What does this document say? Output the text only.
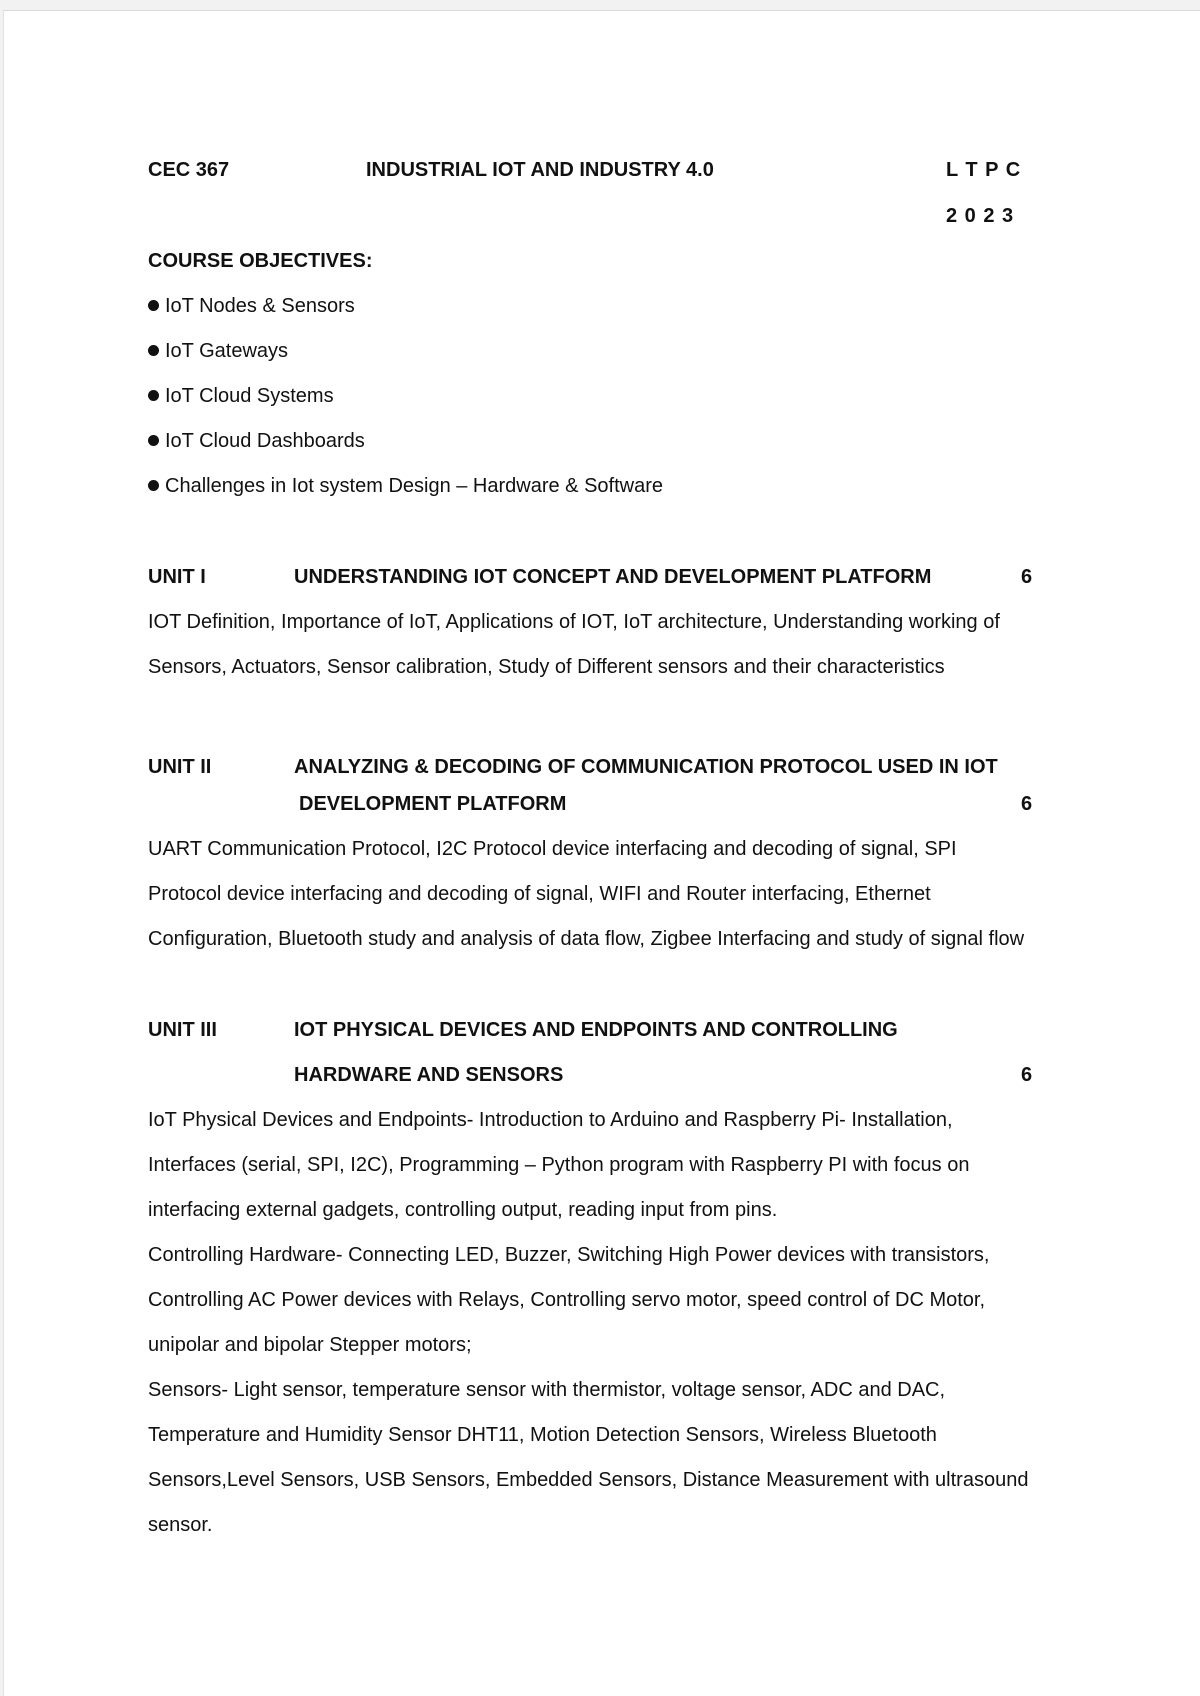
CEC 367	INDUSTRIAL IOT AND INDUSTRY 4.0	L T P C
2 0 2 3
COURSE OBJECTIVES:
IoT Nodes & Sensors
IoT Gateways
IoT Cloud Systems
IoT Cloud Dashboards
Challenges in Iot system Design – Hardware & Software
UNIT I	UNDERSTANDING IOT CONCEPT AND DEVELOPMENT PLATFORM	6
IOT Definition, Importance of IoT, Applications of IOT, IoT architecture, Understanding working of
Sensors, Actuators, Sensor calibration, Study of Different sensors and their characteristics
UNIT II	ANALYZING & DECODING OF COMMUNICATION PROTOCOL USED IN IOT
DEVELOPMENT PLATFORM	6
UART Communication Protocol, I2C Protocol device interfacing and decoding of signal, SPI
Protocol device interfacing and decoding of signal, WIFI and Router interfacing, Ethernet
Configuration, Bluetooth study and analysis of data flow, Zigbee Interfacing and study of signal flow
UNIT III	IOT PHYSICAL DEVICES AND ENDPOINTS AND CONTROLLING
HARDWARE AND SENSORS	6
IoT Physical Devices and Endpoints- Introduction to Arduino and Raspberry Pi- Installation,
Interfaces (serial, SPI, I2C), Programming – Python program with Raspberry PI with focus on
interfacing external gadgets, controlling output, reading input from pins.
Controlling Hardware- Connecting LED, Buzzer, Switching High Power devices with transistors,
Controlling AC Power devices with Relays, Controlling servo motor, speed control of DC Motor,
unipolar and bipolar Stepper motors;
Sensors- Light sensor, temperature sensor with thermistor, voltage sensor, ADC and DAC,
Temperature and Humidity Sensor DHT11, Motion Detection Sensors, Wireless Bluetooth
Sensors,Level Sensors, USB Sensors, Embedded Sensors, Distance Measurement with ultrasound
sensor.
